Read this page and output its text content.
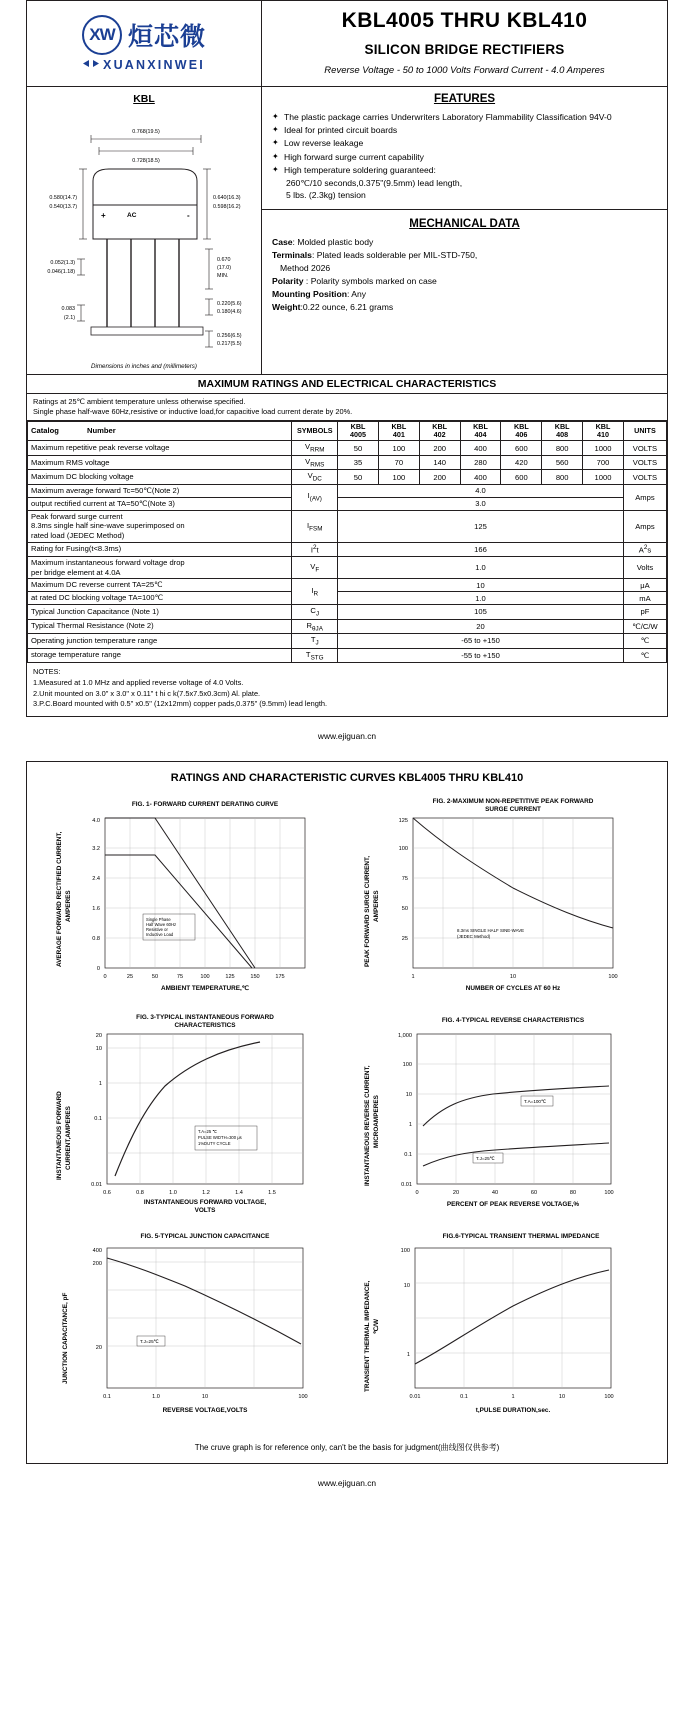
XW 烜芯微
XUANXINWEI
KBL4005 THRU KBL410
SILICON BRIDGE RECTIFIERS
Reverse Voltage - 50 to 1000 Volts Forward Current - 4.0 Amperes
KBL
0.768(19.5)
0.728(18.5)
0.580(14.7)
0.540(13.7)
0.640(16.3)
0.598(16.2)
+	AC	-
0.052(1.3)
0.046(1.18)
0.083
(2.1)
0.670
(17.0)
MIN.
0.220(5.6)
0.180(4.6)
0.256(6.5)
0.217(5.5)
Dimensions in inches and (millimeters)
FEATURES
✦ The plastic package carries Underwriters Laboratory Flammability Classification 94V-0
✦ Ideal for printed circuit boards
✦ Low reverse leakage
✦ High forward surge current capability
✦ High temperature soldering guaranteed:
260℃/10 seconds,0.375"(9.5mm) lead length,
5 lbs. (2.3kg) tension
MECHANICAL DATA
Case: Molded plastic body
Terminals: Plated leads solderable per MIL-STD-750,
Method 2026
Polarity : Polarity symbols marked on case
Mounting Position: Any
Weight:0.22 ounce, 6.21 grams
MAXIMUM RATINGS AND ELECTRICAL CHARACTERISTICS
Ratings at 25℃ ambient temperature unless otherwise specified.
Single phase half-wave 60Hz,resistive or inductive load,for capacitive load current derate by 20%.
Catalog Number	SYMBOLS	KBL
4005	KBL
401	KBL
402	KBL
404	KBL
406	KBL
408	KBL
410	UNITS
Maximum repetitive peak reverse voltage	$V_{RRM}$	50	100	200	400	600	800	1000	VOLTS
Maximum RMS voltage	$V_{RMS}$	35	70	140	280	420	560	700	VOLTS
Maximum DC blocking voltage	$V_{DC}$	50	100	200	400	600	800	1000	VOLTS
Maximum average forward Tc=50℃(Note 2)	$I_{(AV)}$	4.0							Amps
output rectified current at TA=50℃(Note 3)		3.0							

Peak forward surge current
8.3ms single half sine-wave superimposed on
rated load (JEDEC Method)	$I_{FSM}$	125							Amps
Rating for Fusing(t<8.3ms)	$I^2t$	166							$A^2s$

Maximum instantaneous forward voltage drop
per bridge element at 4.0A	$V_F$	1.0							Volts
Maximum DC reverse current TA=25℃	$I_R$	10							μA
at rated DC blocking voltage TA=100℃		1.0							mA
Typical Junction Capacitance (Note 1)	$C_J$	105							pF
Typical Thermal Resistance (Note 2)	$R_{\theta JA}$	20							℃/C/W
Operating junction temperature range	$T_J$	-65 to +150							℃
storage temperature range	$T_{STG}$	-55 to +150							℃
NOTES:
1.Measured at 1.0 MHz and applied reverse voltage of 4.0 Volts.
2.Unit mounted on 3.0" x 3.0" x 0.11" t hi c k(7.5x7.5x0.3cm) Al. plate.
3.P.C.Board mounted with 0.5" x0.5" (12x12mm) copper pads,0.375" (9.5mm) lead length.
www.ejiguan.cn
RATINGS AND CHARACTERISTIC CURVES KBL4005 THRU KBL410
FIG. 1- FORWARD CURRENT DERATING CURVE
AVERAGE FORWARD RECTIFIED CURRENT, AMPERES
0
0.8
1.6
2.4
3.2
4.0
0	25	50	75	100	125	150	175
Single Phase
Half Wave 60Hz
Resistive or
Inductive Load
AMBIENT TEMPERATURE,℃
FIG. 2-MAXIMUM NON-REPETITIVE PEAK FORWARD
SURGE CURRENT
PEAK FORWARD SURGE CURRENT, AMPERES
25
50
75
100
125
1	10	100
8.3ms SINGLE HALF SINE-WAVE
(JEDEC Method)
NUMBER OF CYCLES AT 60 Hz
FIG. 3-TYPICAL INSTANTANEOUS FORWARD
CHARACTERISTICS
INSTANTANEOUS FORWARD CURRENT,AMPERES
20
10
1
0.1
0.01
0.6	0.8	1.0	1.2	1.4	1.5
T.A=25 ℃
PULSE WIDTH=300 μs
1%DUTY CYCLE
INSTANTANEOUS FORWARD VOLTAGE,
VOLTS
FIG. 4-TYPICAL REVERSE CHARACTERISTICS
INSTANTANEOUS REVERSE CURRENT, MICROAMPERES
1,000
100
10
1
0.1
0.01
0	20	40	60	80	100
T.A=100℃
T.J=25℃
PERCENT OF PEAK REVERSE VOLTAGE,%
FIG. 5-TYPICAL JUNCTION CAPACITANCE
JUNCTION CAPACITANCE, pF
400
200
20
0.1	1.0	10	100
T.J=25℃
REVERSE VOLTAGE,VOLTS
FIG.6-TYPICAL TRANSIENT THERMAL IMPEDANCE
TRANSIENT THERMAL IMPEDANCE, ℃/W
100
10
1
0.01	0.1	1	10	100
t,PULSE DURATION,sec.
The cruve graph is for reference only, can't be the basis for judgment(曲线图仅供参考)‍
www.ejiguan.cn
